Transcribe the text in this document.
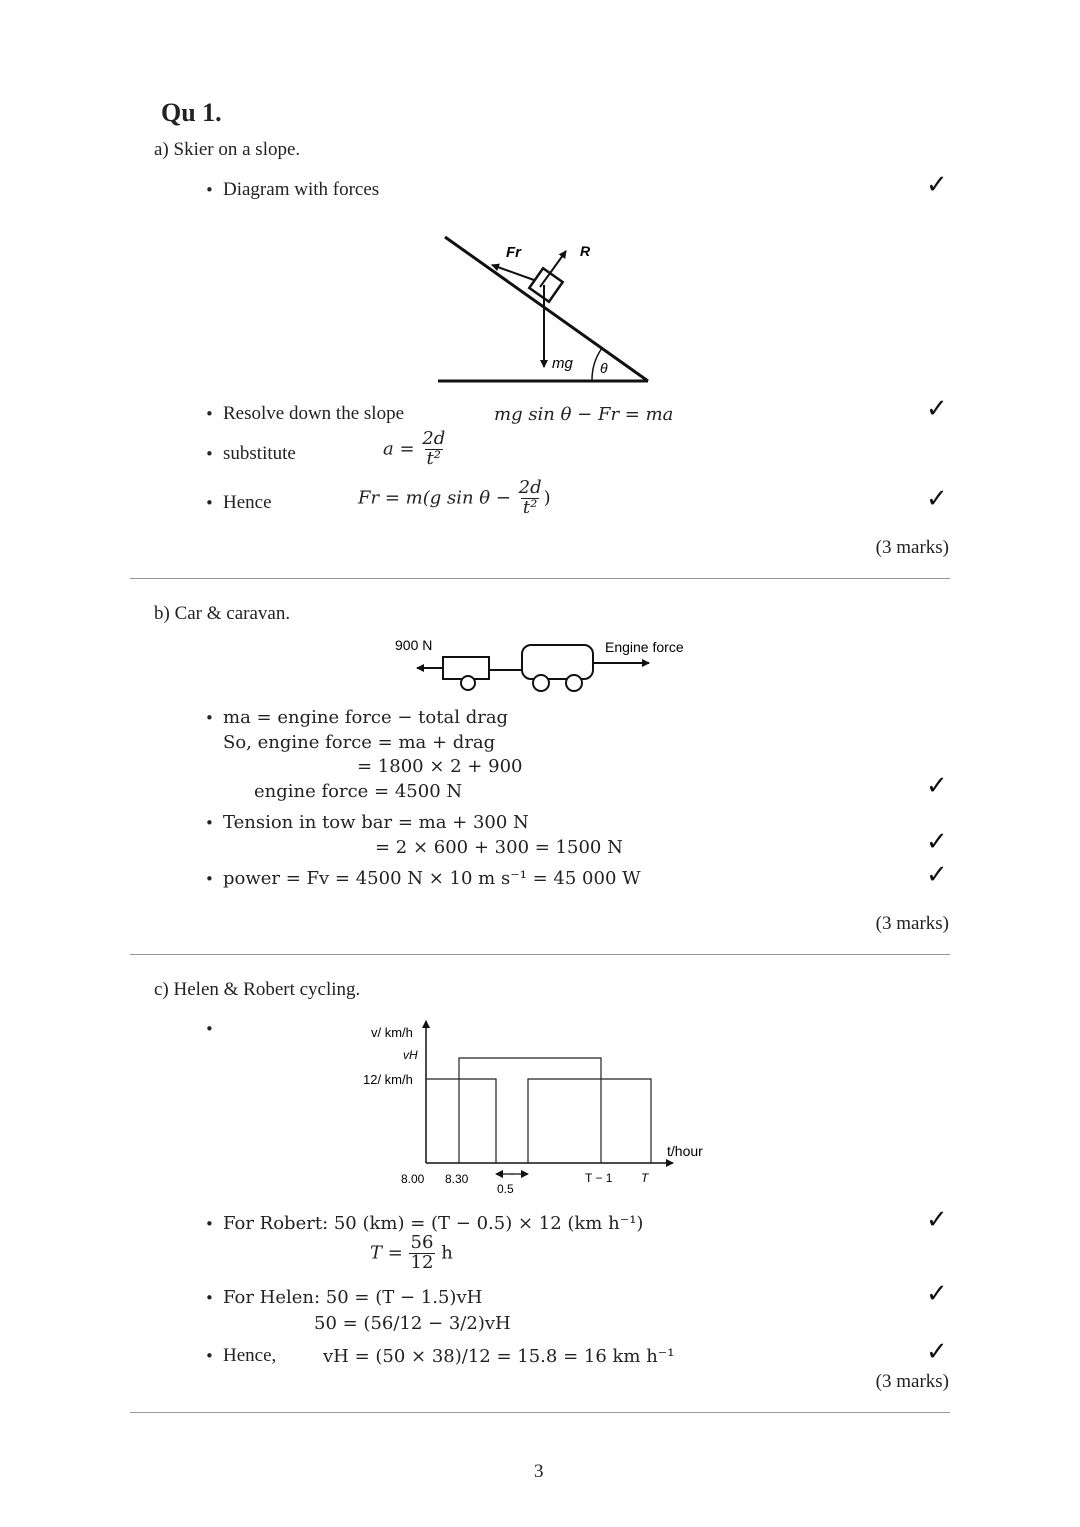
Qu 1.
a) Skier on a slope.
• Diagram with forces	✓
Fr	R
mg θ
• Resolve down the slope	mg sin θ − Fr = ma	✓
• substitute	$a = \frac{2d}{\text{t²}}$
• Hence	Fr = m(g $\sin \theta - \frac{2d}{\text{t²}}$ )	✓
(3 marks)
b) Car & caravan.
900 N	Engine force
• ma = engine force − total drag
So, engine force = ma + drag
= 1800 × 2 + 900
engine force = 4500 N	✓
• Tension in tow bar = ma + 300 N
= 2 × 600 + 300 = 1500 N	✓
• power = Fv = 4500 N × 10 m s⁻¹ = 45 000 W	✓
(3 marks)
c) Helen & Robert cycling.
•	v/ km/h
vH
12/ km/h
t/hour
8.00 8.30
0.5
T − 1 T
• For Robert: 50 (km) = (T − 0.5) × 12 (km h⁻¹)	✓
$T = \frac{56}{12}$ h
• For Helen: 50 = (T − 1.5)vH
50 = (56/12 − 3/2)vH
✓
• Hence,	vH = (50 × 38)/12 = 15.8 = 16 km h⁻¹	✓
(3 marks)
3
